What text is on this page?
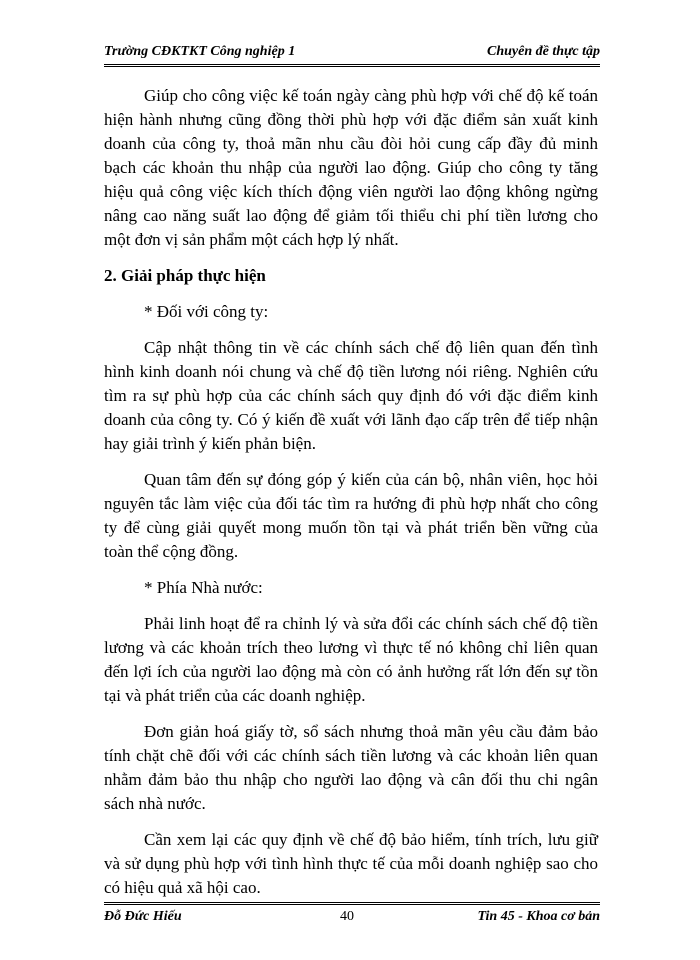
Trường CĐKTKT Công nghiệp 1	Chuyên đề thực tập

Giúp cho công việc kế toán ngày càng phù hợp với chế độ kế toán hiện hành nhưng cũng đồng thời phù hợp với đặc điểm sản xuất kinh doanh của công ty, thoả mãn nhu cầu đòi hỏi cung cấp đầy đủ minh bạch các khoản thu nhập của người lao động. Giúp cho công ty tăng hiệu quả công việc kích thích động viên người lao động không ngừng nâng cao năng suất lao động để giảm tối thiểu chi phí tiền lương cho một đơn vị sản phẩm một cách hợp lý nhất.

2. Giải pháp thực hiện

* Đối với công ty:

Cập nhật thông tin về các chính sách chế độ liên quan đến tình hình kinh doanh nói chung và chế độ tiền lương nói riêng. Nghiên cứu tìm ra sự phù hợp của các chính sách quy định đó với đặc điểm kinh doanh của công ty. Có ý kiến đề xuất với lãnh đạo cấp trên để tiếp nhận hay giải trình ý kiến phản biện.

Quan tâm đến sự đóng góp ý kiến của cán bộ, nhân viên, học hỏi nguyên tắc làm việc của đối tác tìm ra hướng đi phù hợp nhất cho công ty để cùng giải quyết mong muốn tồn tại và phát triển bền vững của toàn thể cộng đồng.

* Phía Nhà nước:

Phải linh hoạt để ra chỉnh lý và sửa đổi các chính sách chế độ tiền lương và các khoản trích theo lương vì thực tế nó không chỉ liên quan đến lợi ích của người lao động mà còn có ảnh hưởng rất lớn đến sự tồn tại và phát triển của các doanh nghiệp.

Đơn giản hoá giấy tờ, sổ sách nhưng thoả mãn yêu cầu đảm bảo tính chặt chẽ đối với các chính sách tiền lương và các khoản liên quan nhằm đảm bảo thu nhập cho người lao động và cân đối thu chi ngân sách nhà nước.

Cần xem lại các quy định về chế độ bảo hiểm, tính trích, lưu giữ và sử dụng phù hợp với tình hình thực tế của mỗi doanh nghiệp sao cho có hiệu quả xã hội cao.

Đỗ Đức Hiếu	40	Tin 45 - Khoa cơ bản
